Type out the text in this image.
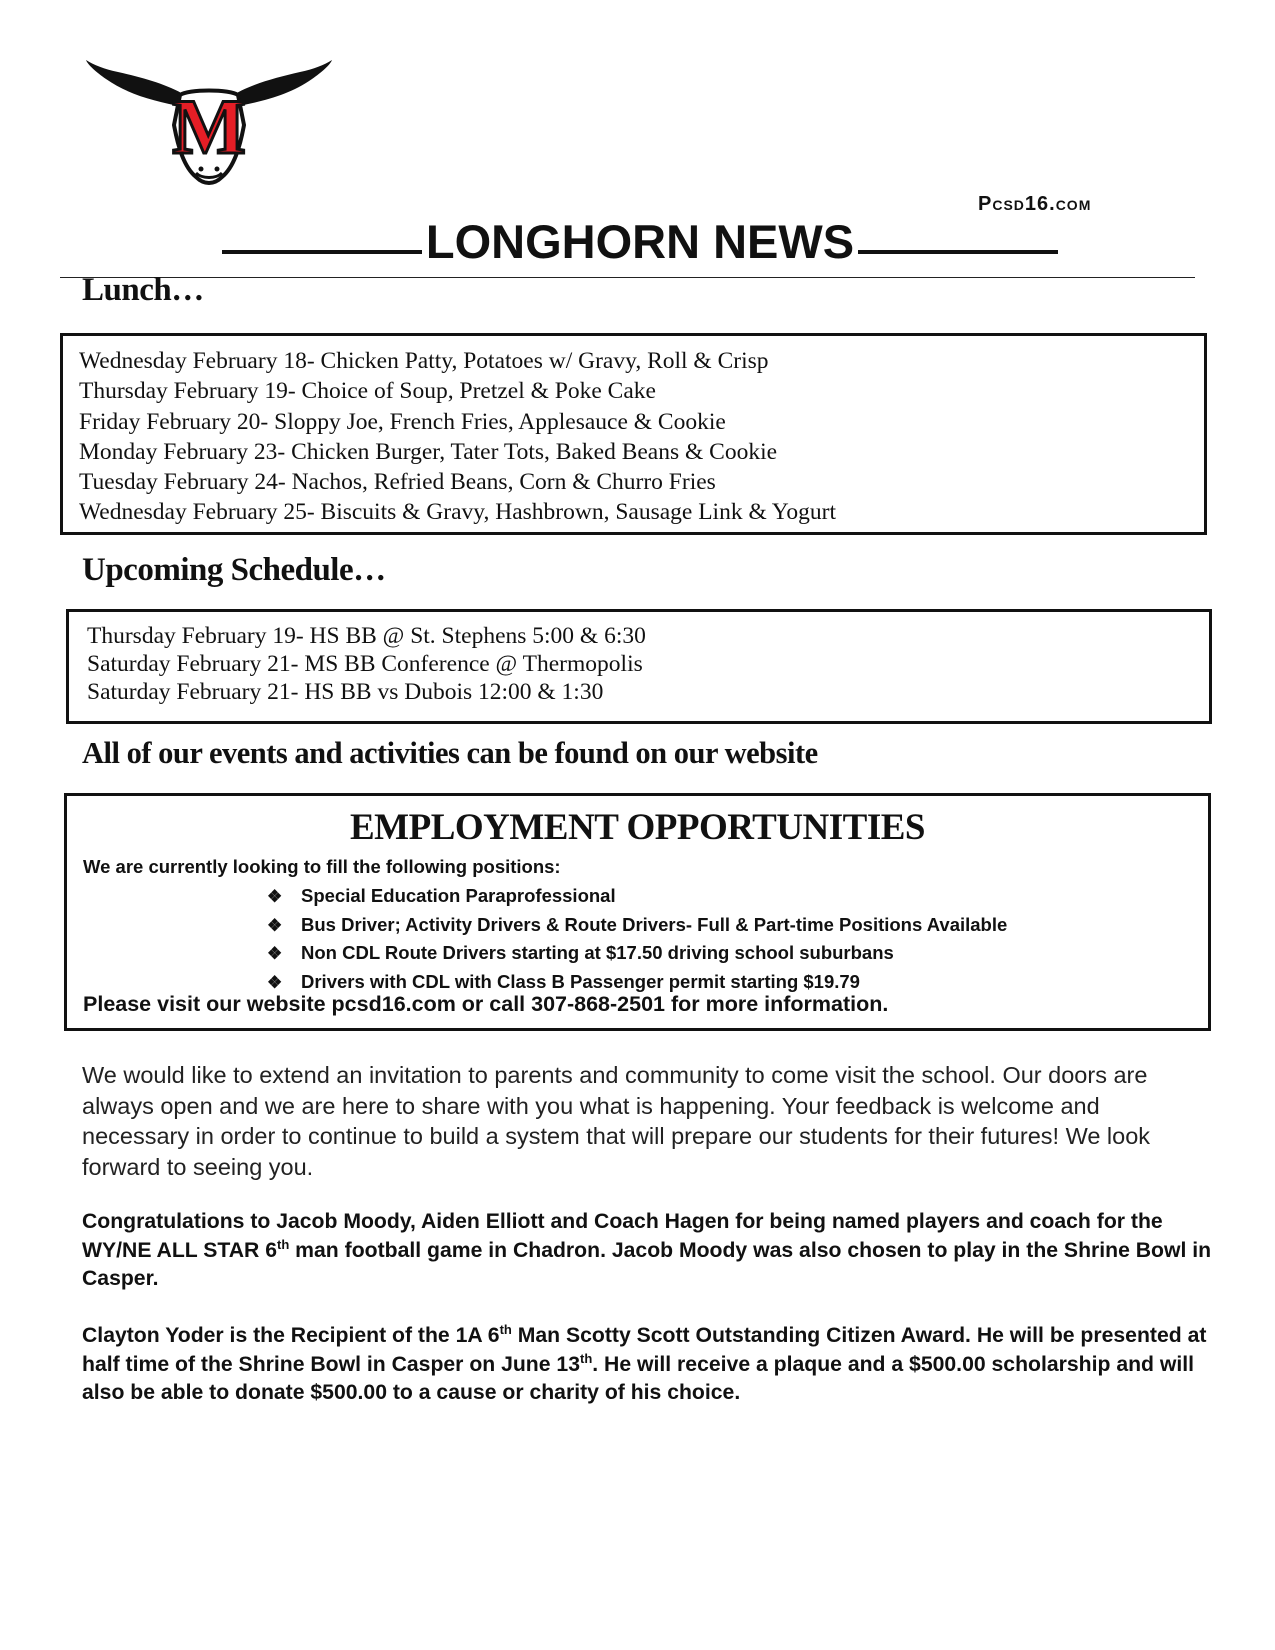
M
Pcsd16.com
LONGHORN NEWS
Lunch…
Wednesday February 18- Chicken Patty, Potatoes w/ Gravy, Roll & Crisp
Thursday February 19- Choice of Soup, Pretzel & Poke Cake
Friday February 20- Sloppy Joe, French Fries, Applesauce & Cookie
Monday February 23- Chicken Burger, Tater Tots, Baked Beans & Cookie
Tuesday February 24- Nachos, Refried Beans, Corn & Churro Fries
Wednesday February 25- Biscuits & Gravy, Hashbrown, Sausage Link & Yogurt
Upcoming Schedule…
Thursday February 19- HS BB @ St. Stephens 5:00 & 6:30
Saturday February 21- MS BB Conference @ Thermopolis
Saturday February 21- HS BB vs Dubois 12:00 & 1:30
All of our events and activities can be found on our website
EMPLOYMENT OPPORTUNITIES
We are currently looking to fill the following positions:
❖ Special Education Paraprofessional
❖ Bus Driver; Activity Drivers & Route Drivers- Full & Part-time Positions Available
❖ Non CDL Route Drivers starting at $17.50 driving school suburbans
❖ Drivers with CDL with Class B Passenger permit starting $19.79
Please visit our website pcsd16.com or call 307-868-2501 for more information.
We would like to extend an invitation to parents and community to come visit the school. Our doors are always open and we are here to share with you what is happening. Your feedback is welcome and necessary in order to continue to build a system that will prepare our students for their futures! We look forward to seeing you.
Congratulations to Jacob Moody, Aiden Elliott and Coach Hagen for being named players and coach for the WY/NE ALL STAR 6th man football game in Chadron. Jacob Moody was also chosen to play in the Shrine Bowl in Casper.
Clayton Yoder is the Recipient of the 1A 6th Man Scotty Scott Outstanding Citizen Award. He will be presented at half time of the Shrine Bowl in Casper on June 13th. He will receive a plaque and a $500.00 scholarship and will also be able to donate $500.00 to a cause or charity of his choice.
